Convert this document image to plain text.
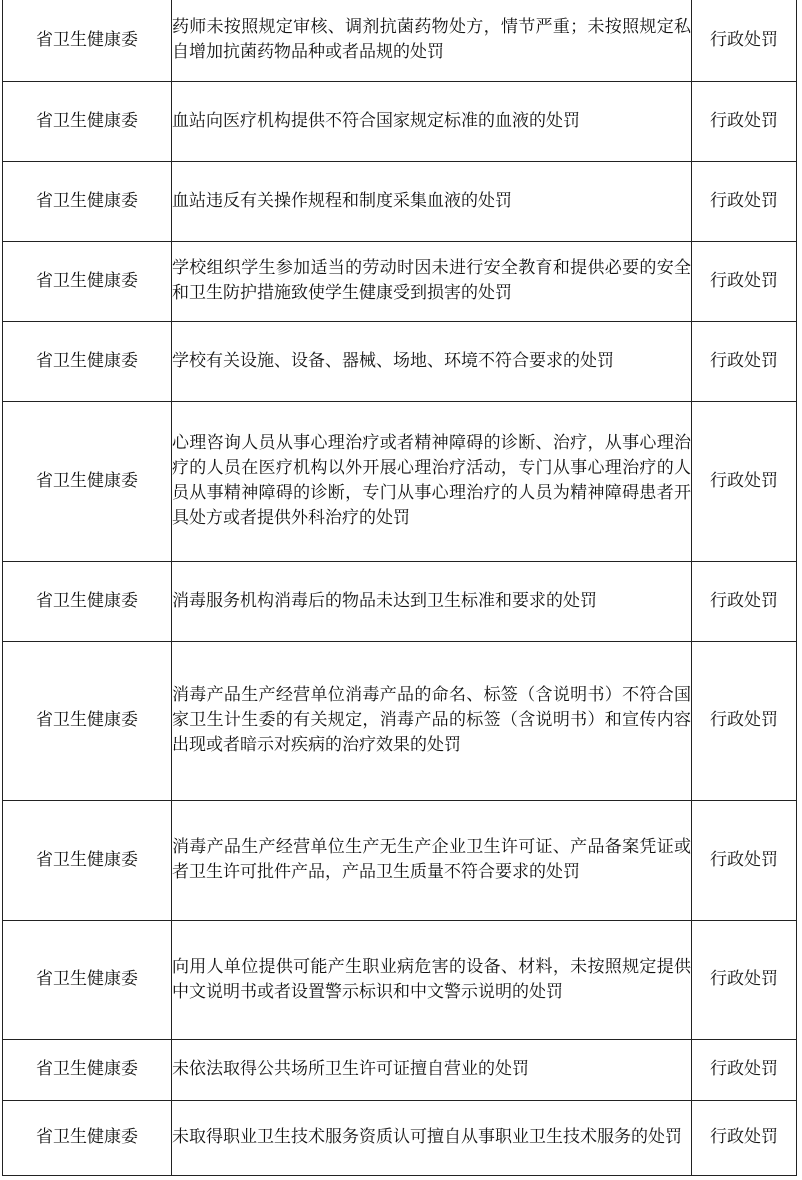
省卫生健康委	药师未按照规定审核、调剂抗菌药物处方，情节严重；未按照规定私自增加抗菌药物品种或者品规的处罚	行政处罚
省卫生健康委	血站向医疗机构提供不符合国家规定标准的血液的处罚	行政处罚
省卫生健康委	血站违反有关操作规程和制度采集血液的处罚	行政处罚
省卫生健康委	学校组织学生参加适当的劳动时因未进行安全教育和提供必要的安全和卫生防护措施致使学生健康受到损害的处罚	行政处罚
省卫生健康委	学校有关设施、设备、器械、场地、环境不符合要求的处罚	行政处罚
省卫生健康委	心理咨询人员从事心理治疗或者精神障碍的诊断、治疗，从事心理治疗的人员在医疗机构以外开展心理治疗活动，专门从事心理治疗的人员从事精神障碍的诊断，专门从事心理治疗的人员为精神障碍患者开具处方或者提供外科治疗的处罚	行政处罚
省卫生健康委	消毒服务机构消毒后的物品未达到卫生标准和要求的处罚	行政处罚
省卫生健康委	消毒产品生产经营单位消毒产品的命名、标签（含说明书）不符合国家卫生计生委的有关规定，消毒产品的标签（含说明书）和宣传内容出现或者暗示对疾病的治疗效果的处罚	行政处罚
省卫生健康委	消毒产品生产经营单位生产无生产企业卫生许可证、产品备案凭证或者卫生许可批件产品，产品卫生质量不符合要求的处罚	行政处罚
省卫生健康委	向用人单位提供可能产生职业病危害的设备、材料，未按照规定提供中文说明书或者设置警示标识和中文警示说明的处罚	行政处罚
省卫生健康委	未依法取得公共场所卫生许可证擅自营业的处罚	行政处罚
省卫生健康委	未取得职业卫生技术服务资质认可擅自从事职业卫生技术服务的处罚	行政处罚
